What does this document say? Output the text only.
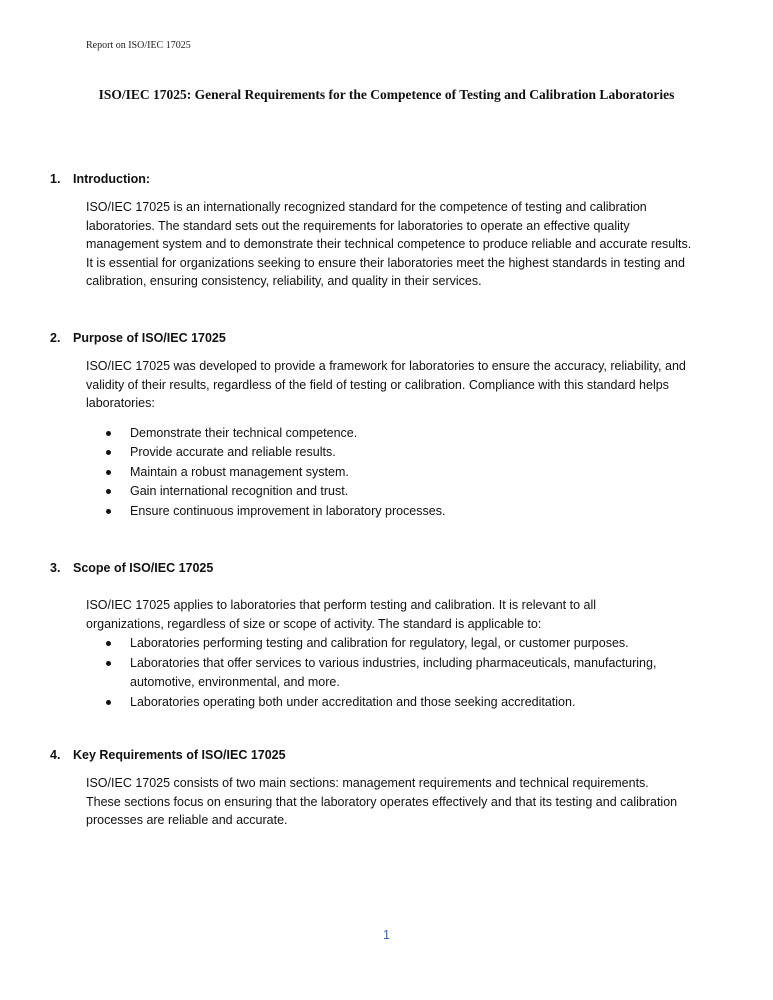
Report on ISO/IEC 17025
ISO/IEC 17025: General Requirements for the Competence of Testing and Calibration Laboratories
1.	Introduction:
ISO/IEC 17025 is an internationally recognized standard for the competence of testing and calibration laboratories. The standard sets out the requirements for laboratories to operate an effective quality management system and to demonstrate their technical competence to produce reliable and accurate results. It is essential for organizations seeking to ensure their laboratories meet the highest standards in testing and calibration, ensuring consistency, reliability, and quality in their services.
2.	Purpose of ISO/IEC 17025
ISO/IEC 17025 was developed to provide a framework for laboratories to ensure the accuracy, reliability, and validity of their results, regardless of the field of testing or calibration. Compliance with this standard helps laboratories:
Demonstrate their technical competence.
Provide accurate and reliable results.
Maintain a robust management system.
Gain international recognition and trust.
Ensure continuous improvement in laboratory processes.
3.	Scope of ISO/IEC 17025
ISO/IEC 17025 applies to laboratories that perform testing and calibration. It is relevant to all organizations, regardless of size or scope of activity. The standard is applicable to:
Laboratories performing testing and calibration for regulatory, legal, or customer purposes.
Laboratories that offer services to various industries, including pharmaceuticals, manufacturing, automotive, environmental, and more.
Laboratories operating both under accreditation and those seeking accreditation.
4.	Key Requirements of ISO/IEC 17025
ISO/IEC 17025 consists of two main sections: management requirements and technical requirements. These sections focus on ensuring that the laboratory operates effectively and that its testing and calibration processes are reliable and accurate.
1
